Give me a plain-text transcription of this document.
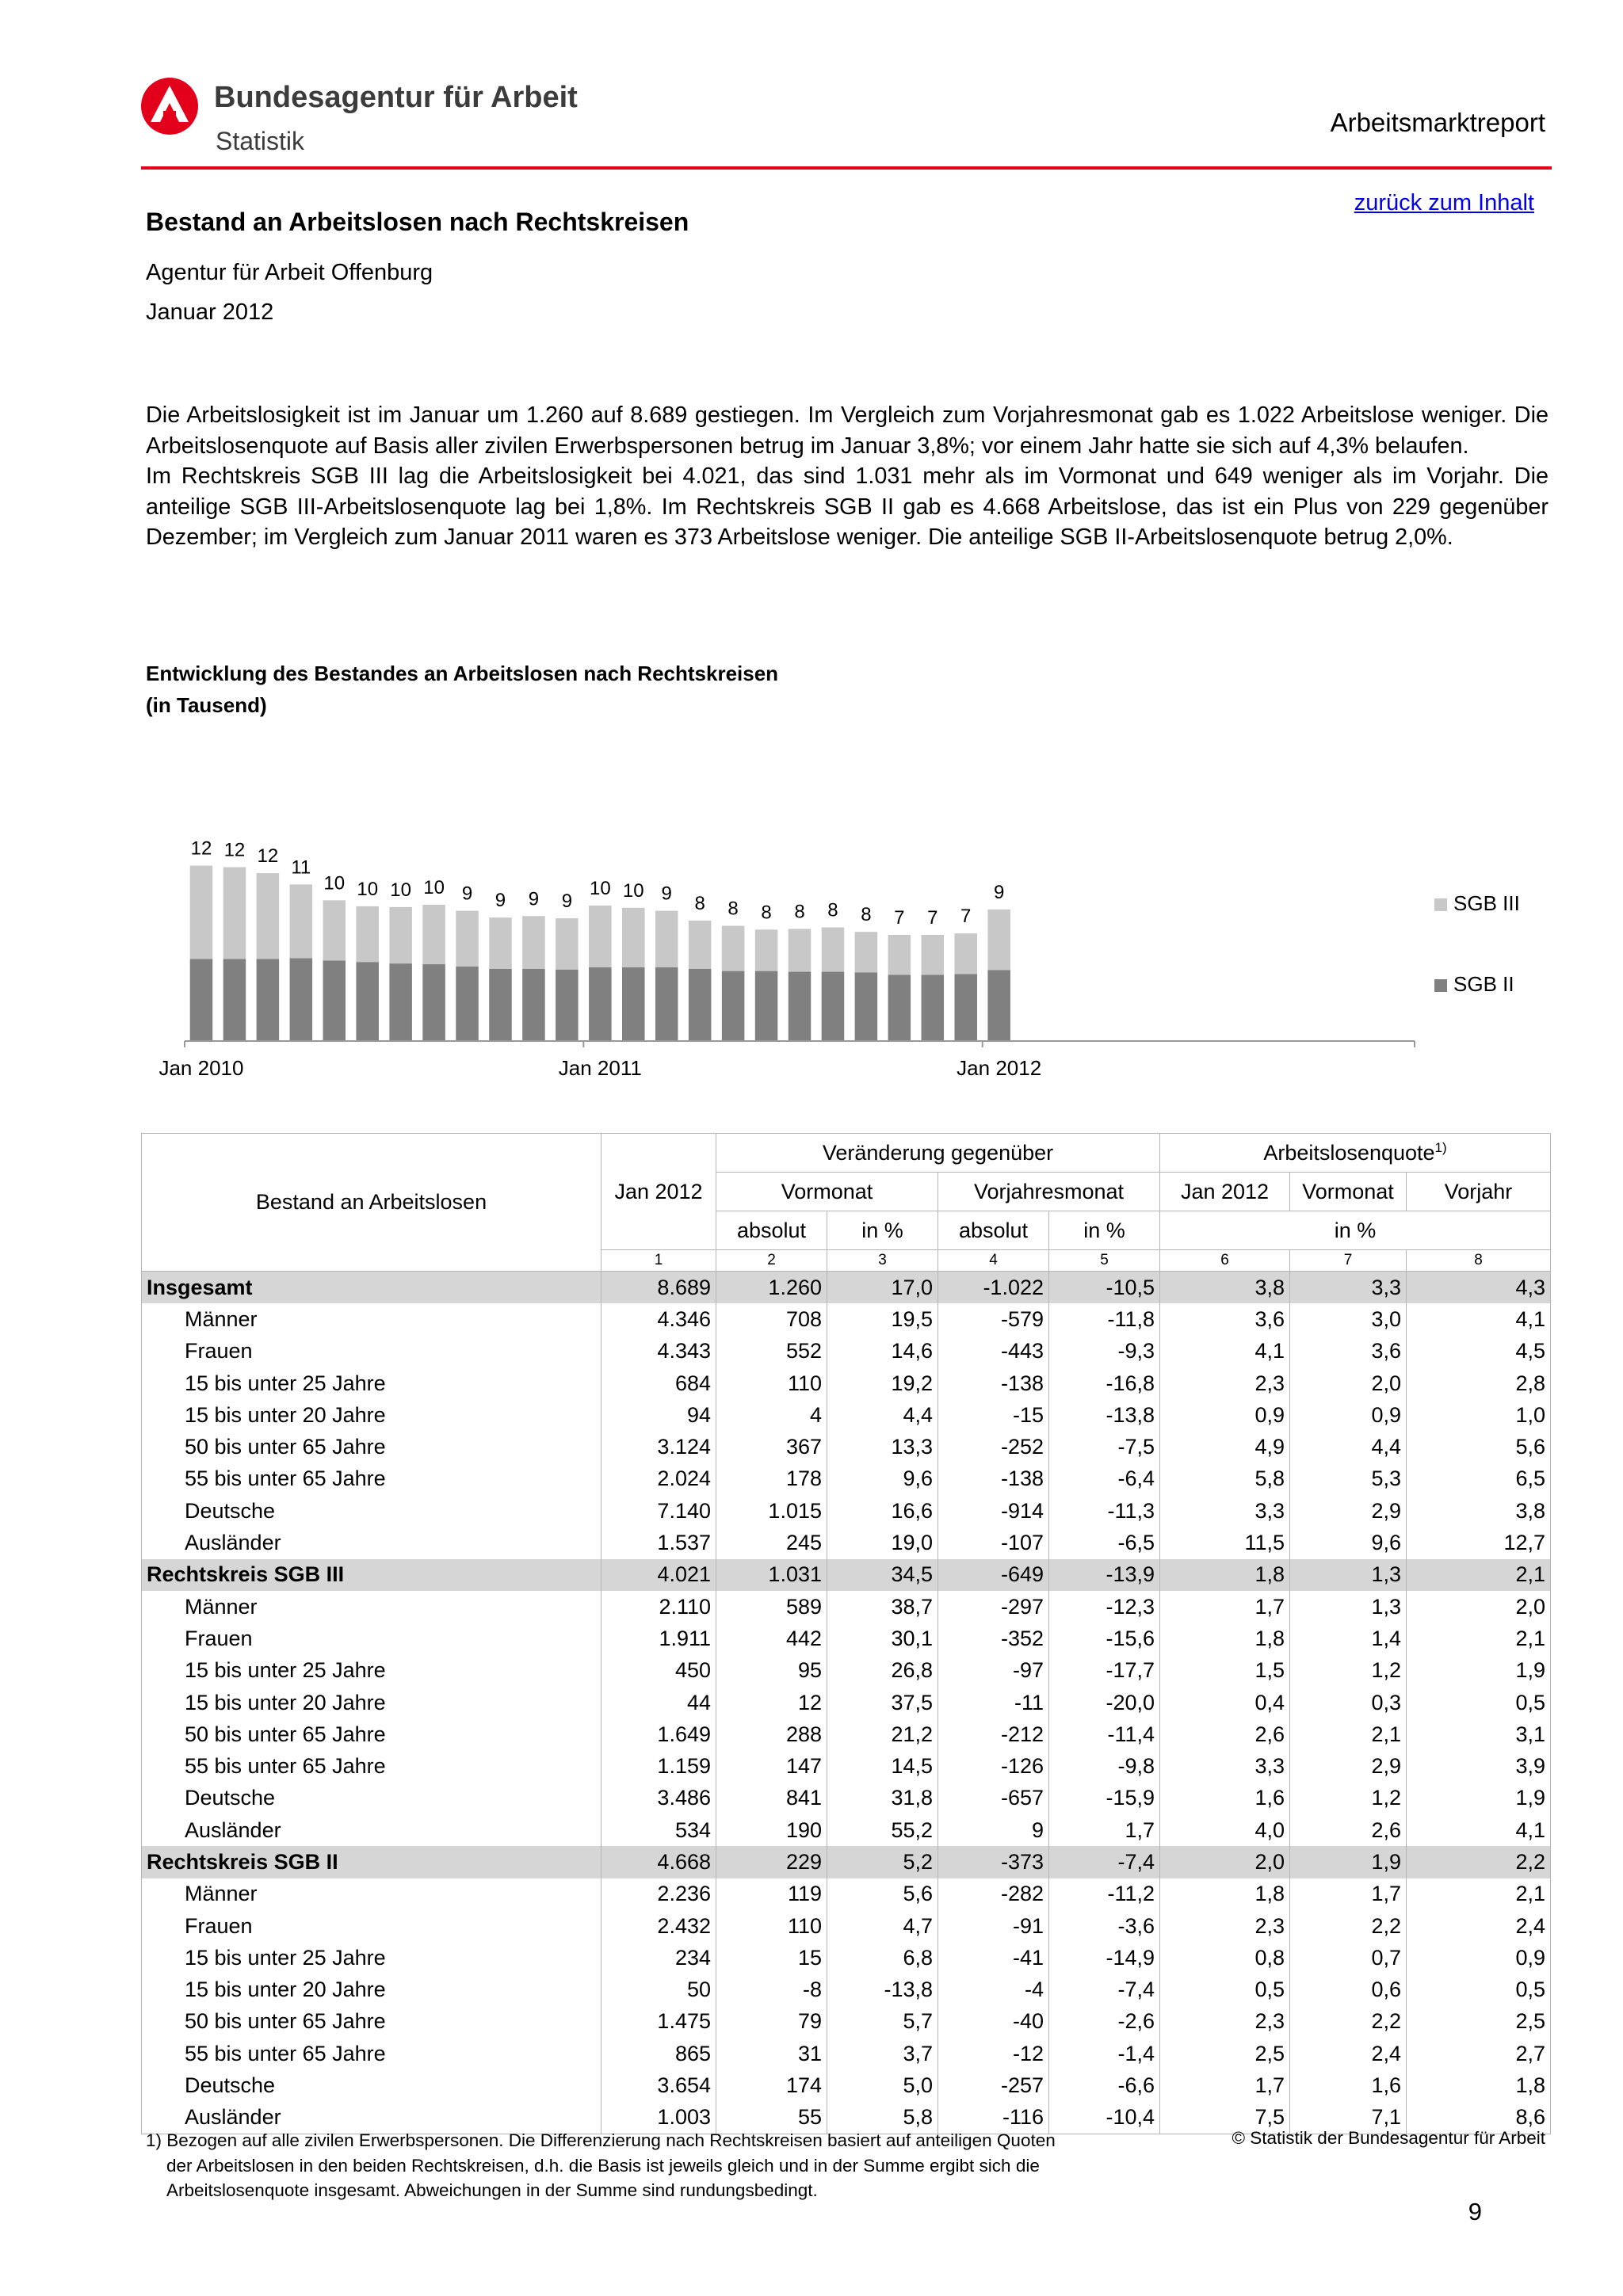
Bundesagentur für Arbeit
Statistik
Arbeitsmarktreport
zurück zum Inhalt
Bestand an Arbeitslosen nach Rechtskreisen
Agentur für Arbeit Offenburg
Januar 2012

Die Arbeitslosigkeit ist im Januar um 1.260 auf 8.689 gestiegen. Im Vergleich zum Vorjahresmonat gab es 1.022 Arbeitslose weniger. Die Arbeitslosenquote auf Basis aller zivilen Erwerbspersonen betrug im Januar 3,8%; vor einem Jahr hatte sie sich auf 4,3% belaufen.

Im Rechtskreis SGB III lag die Arbeitslosigkeit bei 4.021, das sind 1.031 mehr als im Vormonat und 649 weniger als im Vorjahr. Die anteilige SGB III-Arbeitslosenquote lag bei 1,8%. Im Rechtskreis SGB II gab es 4.668 Arbeitslose, das ist ein Plus von 229 gegenüber Dezember; im Vergleich zum Januar 2011 waren es 373 Arbeitslose weniger. Die anteilige SGB II-Arbeitslosenquote betrug 2,0%.

Entwicklung des Bestandes an Arbeitslosen nach Rechtskreisen
(in Tausend)
12 12 12
11
10 10 10 10 9 9 9 9
10 10 9 8 8 8 8 8 8 7 7 7
9
Jan 2010	Jan 2011	Jan 2012
SGB III
SGB II
Bestand an Arbeitslosen	Jan 2012	Veränderung gegenüber				Arbeitslosenquote$^{1)}$
		Vormonat		Vorjahresmonat		Jan 2012	Vormonat	Vorjahr
		absolut	in %	absolut	in %	in %		
	1	2	3	4	5	6	7	8
Insgesamt	8.689	1.260	17,0	-1.022	-10,5	3,8	3,3	4,3
Männer	4.346	708	19,5	-579	-11,8	3,6	3,0	4,1
Frauen	4.343	552	14,6	-443	-9,3	4,1	3,6	4,5
15 bis unter 25 Jahre	684	110	19,2	-138	-16,8	2,3	2,0	2,8
15 bis unter 20 Jahre	94	4	4,4	-15	-13,8	0,9	0,9	1,0
50 bis unter 65 Jahre	3.124	367	13,3	-252	-7,5	4,9	4,4	5,6
55 bis unter 65 Jahre	2.024	178	9,6	-138	-6,4	5,8	5,3	6,5
Deutsche	7.140	1.015	16,6	-914	-11,3	3,3	2,9	3,8
Ausländer	1.537	245	19,0	-107	-6,5	11,5	9,6	12,7
Rechtskreis SGB III	4.021	1.031	34,5	-649	-13,9	1,8	1,3	2,1
Männer	2.110	589	38,7	-297	-12,3	1,7	1,3	2,0
Frauen	1.911	442	30,1	-352	-15,6	1,8	1,4	2,1
15 bis unter 25 Jahre	450	95	26,8	-97	-17,7	1,5	1,2	1,9
15 bis unter 20 Jahre	44	12	37,5	-11	-20,0	0,4	0,3	0,5
50 bis unter 65 Jahre	1.649	288	21,2	-212	-11,4	2,6	2,1	3,1
55 bis unter 65 Jahre	1.159	147	14,5	-126	-9,8	3,3	2,9	3,9
Deutsche	3.486	841	31,8	-657	-15,9	1,6	1,2	1,9
Ausländer	534	190	55,2	9	1,7	4,0	2,6	4,1
Rechtskreis SGB II	4.668	229	5,2	-373	-7,4	2,0	1,9	2,2
Männer	2.236	119	5,6	-282	-11,2	1,8	1,7	2,1
Frauen	2.432	110	4,7	-91	-3,6	2,3	2,2	2,4
15 bis unter 25 Jahre	234	15	6,8	-41	-14,9	0,8	0,7	0,9
15 bis unter 20 Jahre	50	-8	-13,8	-4	-7,4	0,5	0,6	0,5
50 bis unter 65 Jahre	1.475	79	5,7	-40	-2,6	2,3	2,2	2,5
55 bis unter 65 Jahre	865	31	3,7	-12	-1,4	2,5	2,4	2,7
Deutsche	3.654	174	5,0	-257	-6,6	1,7	1,6	1,8
Ausländer	1.003	55	5,8	-116	-10,4	7,5	7,1	8,6
1) Bezogen auf alle zivilen Erwerbspersonen. Die Differenzierung nach Rechtskreisen basiert auf anteiligen Quoten
der Arbeitslosen in den beiden Rechtskreisen, d.h. die Basis ist jeweils gleich und in der Summe ergibt sich die
Arbeitslosenquote insgesamt. Abweichungen in der Summe sind rundungsbedingt.
© Statistik der Bundesagentur für Arbeit
9
